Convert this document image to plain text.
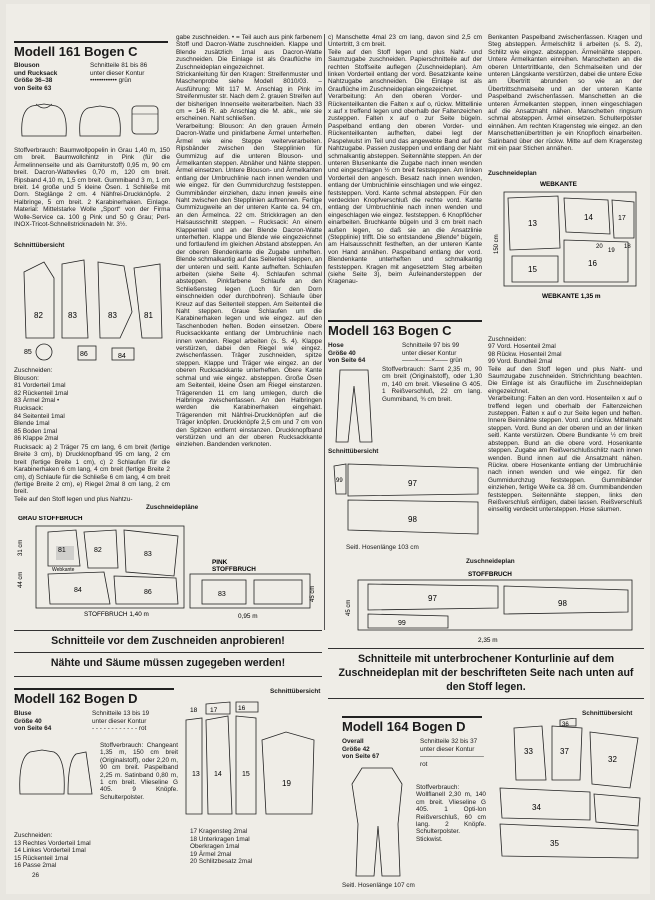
Modell 161 Bogen C
Blouson
und Rucksack
Größe 36–38
von Seite 63
Schnitteile 81 bis 86
unter dieser Kontur
•••••••••••• grün
Stoffverbrauch: Baumwollpopelin in Grau 1,40 m, 150 cm breit. Baumwollchintz in Pink (für die Ärmelinnenseite und als Garniturstoff) 0,95 m, 90 cm breit. Dacron-Wattevlies 0,70 m, 120 cm breit. Ripsband 4,10 m, 1,5 cm breit. Gummiband 3 m, 1 cm breit. 14 große und 5 kleine Ösen. 1 Schließe mit Dorn. Steglänge 2 cm. 4 Nähfrei-Druckknöpfe. 2 Halbringe, 5 cm breit. 2 Karabinerhaken. Einlage. Material: Mittelstarke Wolle „Sport“ von der Firma Wolle-Service ca. 100 g Pink und 50 g Grau; Perl-INOX-Tricot-Schnellstricknadeln Nr. 3½.
Schnittübersicht
82	83	83	81
85	86	84
Zuschneiden:
Blouson:
81 Vorderteil 1mal
82 Rückenteil 1mal
83 Ärmel 2mal •
Rucksack:
84 Seitenteil 1mal
Blende 1mal
85 Boden 1mal
86 Klappe 2mal
Rucksack: a) 2 Träger 75 cm lang, 6 cm breit (fertige Breite 3 cm), b) Druckknopfband 95 cm lang, 2 cm breit (fertige Breite 1 cm), c) 2 Schlaufen für die Karabinerhaken 6 cm lang, 4 cm breit (fertige Breite 2 cm), d) Schlaufe für die Schließe 6 cm lang, 4 cm breit (fertige Breite 2 cm), e) Riegel 2mal 8 cm lang, 2 cm breit.
Teile auf den Stoff legen und plus Nahtzu-
gabe zuschneiden. • = Teil auch aus pink farbenem Stoff und Dacron-Watte zuschneiden. Klappe und Blende zusätzlich 1mal aus Dacron-Watte zuschneiden. Die Einlage ist als Grauflüche im Zuschneideplan eingezeichnet.
Strickanleitung für den Kragen: Streifenmuster und Maschenprobe siehe Modell 8010/03. – Ausführung: Mit 117 M. Anschlag in Pink im Streifenmuster str. Nach dem 2. grauen Streifen auf der bisherigen Innenseite weiterarbeiten. Nach 33 cm = 146 R. ab Anschlag die M. abk., wie sie erscheinen. Naht schließen.
Verarbeitung: Blouson: An den grauen Ärmeln Dacron-Watte und pinkfarbene Ärmel unterheften. Ärmel wie eine Steppe weiterverarbeiten. Ripsbänder zwischen den Stepplinien für Gummizug auf die unteren Blouson- und Ärmelkanten steppen. Abnäher und Nähte steppen. Ärmel einsetzen. Untere Blouson- und Ärmelkanten entlang der Umbruchlinie nach innen wenden und wie eingez. für den Gummidurchzug feststeppen. Gummibänder einziehen, dazu innen jeweils eine Naht zwischen den Stepplinien auftrennen. Fertige Gummizugweite an der unteren Kante ca. 94 cm, an den Ärmelnca. 22 cm. Strickkragen an den Halsausschnitt steppen. – Rucksack: An einem Klappenteil und an der Blende Dacron-Watte unterheften. Klappe und Blende wie eingezeichnet und fortlaufend im gleichen Abstand absteppen. An der oberen Blendenkante die Zugabe umheften. Blende schmalkantig auf das Seitenteil steppen, an der unteren und seitl. Kante aufheften. Schlaufen arbeiten (siehe Seite 4). Schlaufen schmal absteppen. Pinkfarbene Schlaufe an den Schließensteg legen (Loch für den Dorn einschneiden oder durchbohren). Schlaufe über Kreuz auf das Seitenteil steppen. Am Seitenteil die Naht steppen. Graue Schlaufen um die Karabinerhaken legen und wie eingez. auf den Taschenboden heften. Boden einsetzen. Obere Rucksackkante entlang der Umbruchlinie nach innen wenden. Riegel arbeiten (s. S. 4). Klappe verstürzen, dabei den Riegel wie eingez. zwischenfassen. Träger zuschneiden, spitze steppen. Klappe und Träger wie eingez. an der oberen Rucksackkante unterheften. Obere Kante schmal und wie eingez. absteppen. Große Ösen am Seitenteil, kleine Ösen am Riegel einstanzen. Trägerenden 11 cm lang umlegen, durch die Halbringe zwischenfassen. An den Halbringen werden die Karabinerhaken eingehakt. Trägerenden mit Nähfrei-Druckknöpfen auf die Träger knöpfen. Druckknöpfe 2,5 cm und 7 cm von den Spitzen entfernt einstanzen. Druckknopfband verstürzen und an der oberen Rucksackkante einziehen. Bandenden verknoten.
Zuschneidepläne
GRAU STOFFBRUCH
STOFFBRUCH 1,40 m
44 cm
31 cm
PINK STOFFBRUCH
0,95 m
45 cm
Webkante
81	82
83
84	86	83
c) Manschette 4mal 23 cm lang, davon sind 2,5 cm Untertritt, 3 cm breit.
Teile auf den Stoff legen und plus Naht- und Saumzugabe zuschneiden. Papierschnitteile auf der rechten Stoffseite auflegen (Zuschneideplan). Am linken Vorderteil entlang der vord. Besatzkante keine Nahtzugabe anschneiden. Die Einlage ist als Grauflüche im Zuschneideplan eingezeichnet.
Verarbeitung: An den oberen Vorder- und Rückenteilkanten die Falten x auf o, rückw. Mittellinie x auf x treffend legen und oberhalb der Faltenzeichen zusteppen. Falten x auf o zur Seite bügeln. Paspelband entlang den oberen Vorder- und Rückenteilkanten aufheften, dabei legt der Paspelwulst im Teil und das angewebte Band auf der Nahtzugabe. Passen zusteppen und entlang der Naht schmalkantig absteppen. Seitennähte steppen. An der unteren Blusenkante die Zugabe nach innen wenden und eingeschlagen ½ cm breit feststeppen. Am linken Vorderteil den angesch. Besatz nach innen wenden, entlang der Umbruchlinie einschlagen und wie eingez. feststeppen. Vord. Kante schmal absteppen. Für den verdeckten Knopfverschluß die rechte vord. Kante entlang der Umbruchlinie nach innen wenden und eingeschlagen wie eingez. feststeppen. 6 Knopflöcher einarbeiten. Bruchkante bügeln und 3 cm breit nach außen legen, so daß sie an die Ansatzlinie (Stepplinie) trifft. Die so entstandene „Blende“ bügeln, am Halsausschnitt festheften, an der unteren Kante von Hand annähen. Paspelband entlang der vord. Blendenkante unterheften und schmalkantig feststeppen. Kragen mit angesetztem Steg arbeiten (siehe Seite 3), beim Aufeinandersteppen der Kragenau-
Benkanten Paspelband zwischenfassen. Kragen und Steg absteppen. Ärmelschlitz li arbeiten (s. S. 2), Schlitz wie eingez. absteppen. Ärmelnähte steppen. Untere Ärmelkanten einreihen. Manschetten an die oberen Untertrittkante, den Schmalseiten und der unteren Längskante verstürzen, dabei die untere Ecke am Übertritt abrunden so wie an der Übertrittschmalseite und an der unteren Kante Paspelband zwischenfassen. Manschetten an die unteren Ärmelkanten steppen, innen eingeschlagen auf die Ansatznaht nähen. Manschetten ringsum schmal absteppen. Ärmel einsetzen. Schulterpolster einnähen. Am rechten Kragensteg wie eingez. an den Manschettenübertritten je ein Knopfloch einarbeiten. Satinband über der rückw. Mitte auf dem Kragensteg mit ein paar Stichen annähen.
Zuschneideplan
WEBKANTE
WEBKANTE 1,35 m
150 cm
13
14	17
15
16
18
19
20
Modell 163 Bogen C
Hose
Größe 40
von Seite 64
Schnitteile 97 bis 99
unter dieser Kontur
——×——×—— grün
Stoffverbrauch: Samt 2,35 m, 90 cm breit (Originalstoff), oder 1,30 m, 140 cm breit. Vlieseline G 405. 1 Reißverschluß, 22 cm lang. Gummiband, ¾ cm breit.
Schnittübersicht
97
98
99
Seitl. Hosenlänge 103 cm
Zuschneiden:
97 Vord. Hosenteil 2mal
98 Rückw. Hosenteil 2mal
99 Vord. Bundteil 2mal
Teile auf den Stoff legen und plus Naht- und Saumzugabe zuschneiden. Strichrichtung beachten. Die Einlage ist als Grauflüche im Zuschneideplan eingezeichnet.
Verarbeitung: Falten an den vord. Hosenteilen x auf o treffend legen und oberhalb der Faltenzeichen zusteppen. Falten x auf o zur Seite legen und heften. Innere Beinnähte steppen. Vord. und rückw. Mittelnaht steppen. Vord. Bund an der oberen und an der linken seitl. Kante verstürzen. Obere Bundkante ½ cm breit absteppen. Bund an die obere vord. Hosenkante steppen. Zugabe am Reißverschlußschlitz nach innen wenden. Bund innen auf die Ansatznaht nähen. Rückw. obere Hosenkante entlang der Umbruchlinie nach innen wenden und wie eingez. für den Gummidurchzug feststeppen. Gummibänder einziehen, fertige Weite ca. 38 cm. Gummibandenden feststeppen. Seitennähte steppen, links den Reißverschluß einfügen, dabei lassen. Reißverschluß einseitig verdeckt untersteppen. Hose säumen.
Zuschneideplan
STOFFBRUCH
2,35 m
45 cm
97
98
99
Schnitteile vor dem Zuschneiden anprobieren!
Nähte und Säume müssen zugegeben werden!	Schnitteile mit unterbrochener Konturlinie auf dem Zuschneideplan mit der beschrifteten Seite nach unten auf den Stoff legen.
Modell 162 Bogen D
Bluse
Größe 40
von Seite 64
Schnitteile 13 bis 19
unter dieser Kontur
- - - - - - - - - - - - rot
Stoffverbrauch: Changeant 1,35 m, 150 cm breit (Originalstoff), oder 2,20 m, 90 cm breit. Paspelband 2,25 m. Satinband 0,80 m, 1 cm breit. Vlieseline G 405. 9 Knöpfe. Schulterpolster.
Zuschneiden:
13 Rechtes Vorderteil 1mal
14 Linkes Vorderteil 1mal
15 Rückenteil 1mal
16 Passe 2mal
26
Schnittübersicht
18 17	16
13 14	15
19
17 Kragensteg 2mal
18 Unterkragen 1mal
Oberkragen 1mal
19 Ärmel 2mal
20 Schlitzbesatz 2mal
Modell 164 Bogen D
Overall
Größe 42
von Seite 67
Schnitteile 32 bis 37
unter dieser Kontur
—————————— rot
Stoffverbrauch: Wollflanell 2,30 m, 140 cm breit. Vlieseline G 405. 1 Opti-lon Reißverschluß, 60 cm lang. 2 Knöpfe. Schulterpolster. Stickwist.
Seitl. Hosenlänge 107 cm
Schnittübersicht
33	37
32
34
35
36
